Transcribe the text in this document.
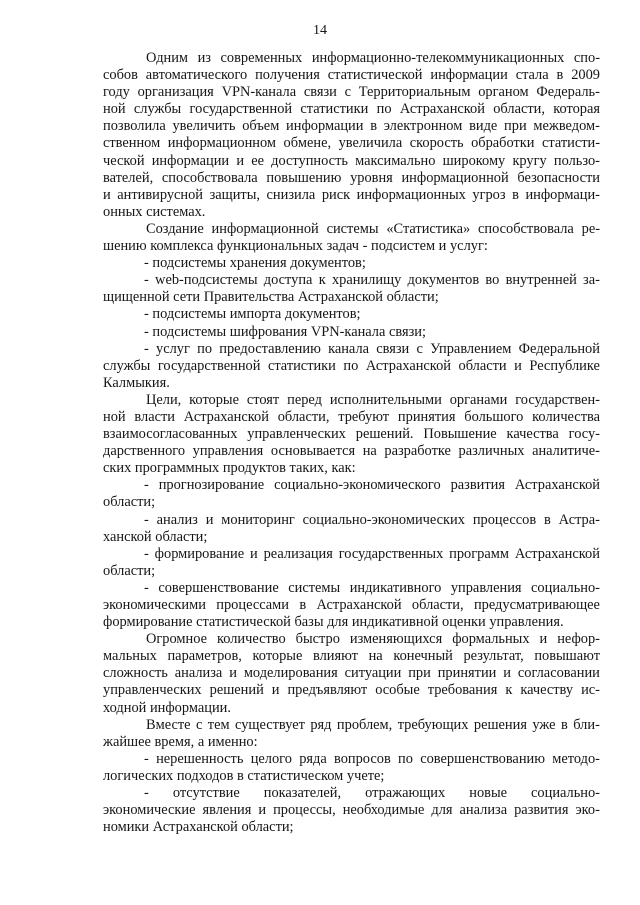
14
Одним из современных информационно-телекоммуникационных спо-
собов автоматического получения статистической информации стала в 2009
году организация VPN-канала связи с Территориальным органом Федераль-
ной службы государственной статистики по Астраханской области, которая
позволила увеличить объем информации в электронном виде при межведом-
ственном информационном обмене, увеличила скорость обработки статисти-
ческой информации и ее доступность максимально широкому кругу пользо-
вателей, способствовала повышению уровня информационной безопасности
и антивирусной защиты, снизила риск информационных угроз в информаци-
онных системах.
Создание информационной системы «Статистика» способствовала ре-
шению комплекса функциональных задач - подсистем и услуг:
- подсистемы хранения документов;
- web-подсистемы доступа к хранилищу документов во внутренней за-
щищенной сети Правительства Астраханской области;
- подсистемы импорта документов;
- подсистемы шифрования VPN-канала связи;
- услуг по предоставлению канала связи с Управлением Федеральной
службы государственной статистики по Астраханской области и Республике
Калмыкия.
Цели, которые стоят перед исполнительными органами государствен-
ной власти Астраханской области, требуют принятия большого количества
взаимосогласованных управленческих решений. Повышение качества госу-
дарственного управления основывается на разработке различных аналитиче-
ских программных продуктов таких, как:
- прогнозирование социально-экономического развития Астраханской
области;
- анализ и мониторинг социально-экономических процессов в Астра-
ханской области;
- формирование и реализация государственных программ Астраханской
области;
- совершенствование системы индикативного управления социально-
экономическими процессами в Астраханской области, предусматривающее
формирование статистической базы для индикативной оценки управления.
Огромное количество быстро изменяющихся формальных и нефор-
мальных параметров, которые влияют на конечный результат, повышают
сложность анализа и моделирования ситуации при принятии и согласовании
управленческих решений и предъявляют особые требования к качеству ис-
ходной информации.
Вместе с тем существует ряд проблем, требующих решения уже в бли-
жайшее время, а именно:
- нерешенность целого ряда вопросов по совершенствованию методо-
логических подходов в статистическом учете;
- отсутствие показателей, отражающих новые социально-
экономические явления и процессы, необходимые для анализа развития эко-
номики Астраханской области;
